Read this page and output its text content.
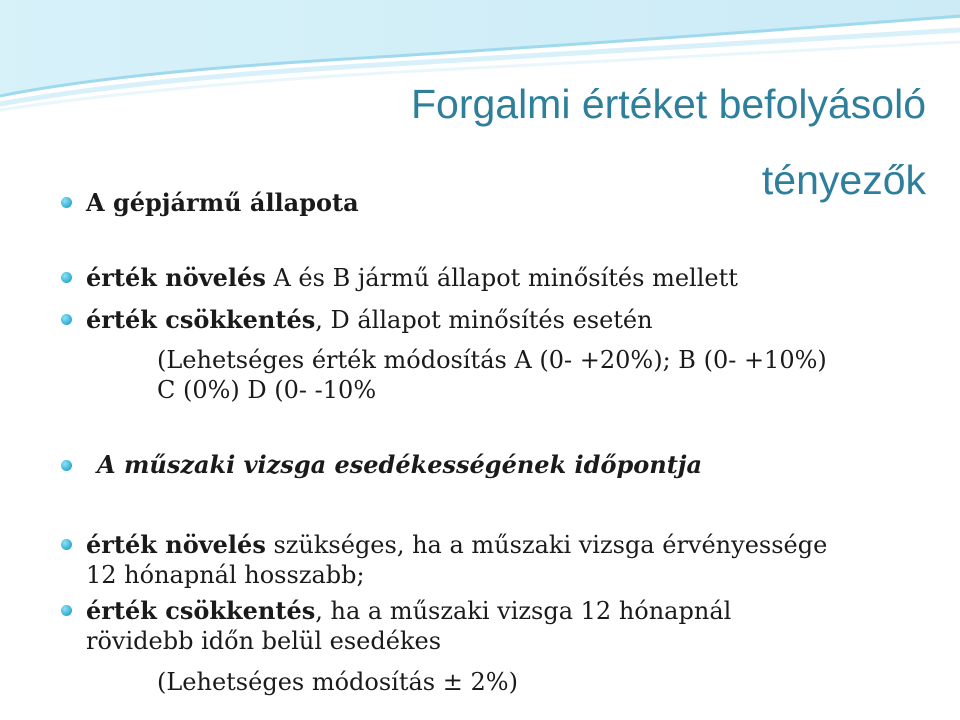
Forgalmi értéket befolyásoló
tényezők
A gépjármű állapota
érték növelés A és B jármű állapot minősítés mellett
érték csökkentés, D állapot minősítés esetén
(Lehetséges érték módosítás A (0- +20%); B (0- +10%)
C (0%) D (0- -10%
A műszaki vizsga esedékességének időpontja
érték növelés szükséges, ha a műszaki vizsga érvényessége
12 hónapnál hosszabb;
érték csökkentés, ha a műszaki vizsga 12 hónapnál
rövidebb időn belül esedékes
(Lehetséges módosítás ± 2%)
